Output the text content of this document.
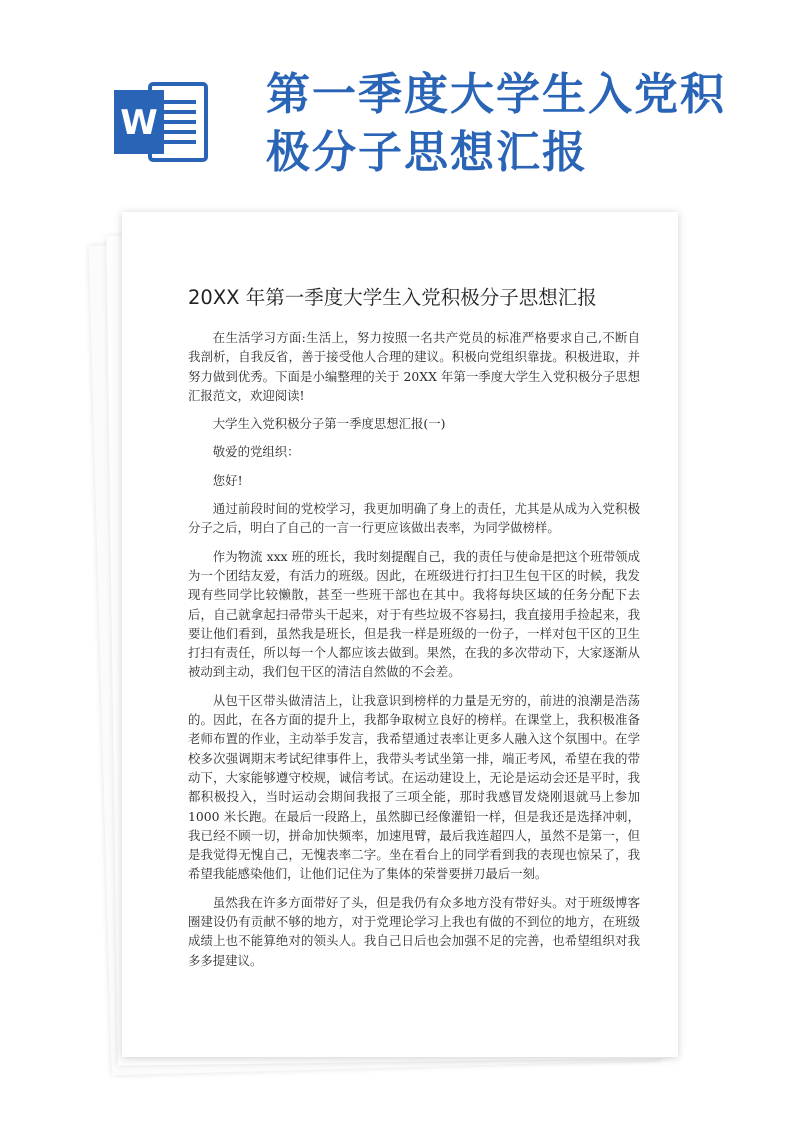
W
第一季度大学生入党积
极分子思想汇报
20XX 年第一季度大学生入党积极分子思想汇报

在生活学习方面:生活上，努力按照一名共产党员的标准严格要求自己,不断自我剖析，自我反省，善于接受他人合理的建议。积极向党组织靠拢。积极进取，并努力做到优秀。下面是小编整理的关于 20XX 年第一季度大学生入党积极分子思想汇报范文，欢迎阅读!

大学生入党积极分子第一季度思想汇报(一)

敬爱的党组织：

您好!

通过前段时间的党校学习，我更加明确了身上的责任，尤其是从成为入党积极分子之后，明白了自己的一言一行更应该做出表率，为同学做榜样。

作为物流 xxx 班的班长，我时刻提醒自己，我的责任与使命是把这个班带领成为一个团结友爱，有活力的班级。因此，在班级进行打扫卫生包干区的时候，我发现有些同学比较懒散，甚至一些班干部也在其中。我将每块区域的任务分配下去后，自己就拿起扫帚带头干起来，对于有些垃圾不容易扫，我直接用手捡起来，我要让他们看到，虽然我是班长，但是我一样是班级的一份子，一样对包干区的卫生打扫有责任，所以每一个人都应该去做到。果然，在我的多次带动下，大家逐渐从被动到主动，我们包干区的清洁自然做的不会差。

从包干区带头做清洁上，让我意识到榜样的力量是无穷的，前进的浪潮是浩荡的。因此，在各方面的提升上，我都争取树立良好的榜样。在课堂上，我积极准备老师布置的作业，主动举手发言，我希望通过表率让更多人融入这个氛围中。在学校多次强调期末考试纪律事件上，我带头考试坐第一排，端正考风，希望在我的带动下，大家能够遵守校规，诚信考试。在运动建设上，无论是运动会还是平时，我都积极投入，当时运动会期间我报了三项全能，那时我感冒发烧刚退就马上参加 1000 米长跑。在最后一段路上，虽然脚已经像灌铅一样，但是我还是选择冲刺，我已经不顾一切，拼命加快频率，加速甩臂，最后我连超四人，虽然不是第一，但是我觉得无愧自己，无愧表率二字。坐在看台上的同学看到我的表现也惊呆了，我希望我能感染他们，让他们记住为了集体的荣誉要拼刀最后一刻。

虽然我在许多方面带好了头，但是我仍有众多地方没有带好头。对于班级博客圈建设仍有贡献不够的地方，对于党理论学习上我也有做的不到位的地方，在班级成绩上也不能算绝对的领头人。我自己日后也会加强不足的完善，也希望组织对我多多提建议。
